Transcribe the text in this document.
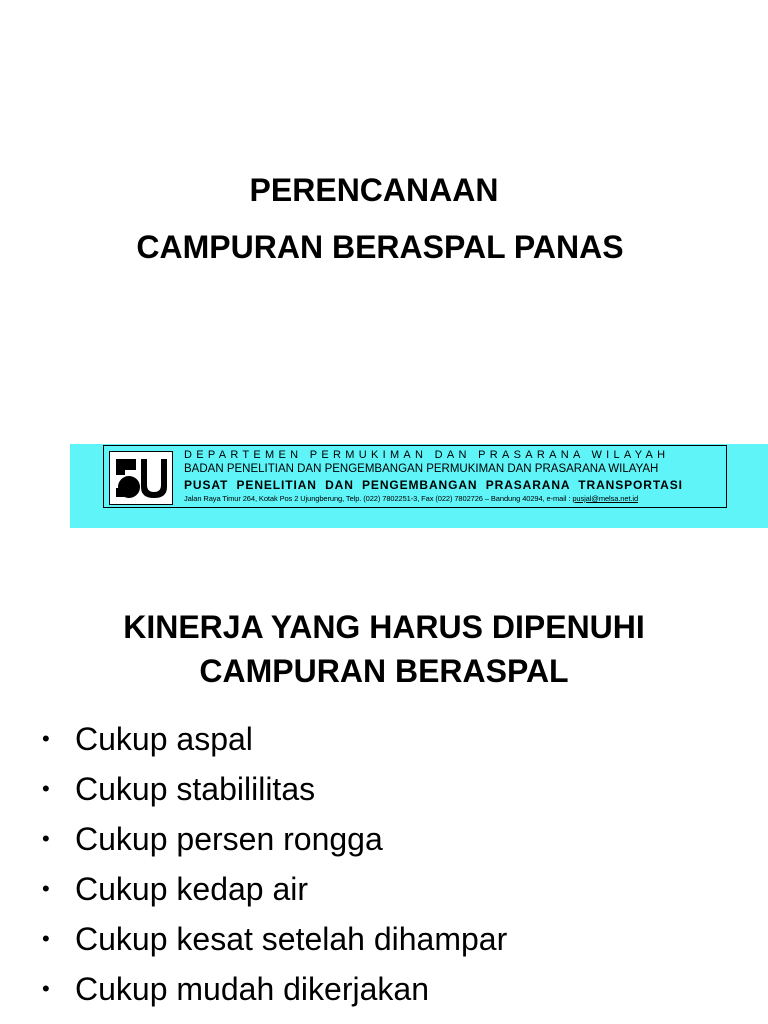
PERENCANAAN
CAMPURAN BERASPAL PANAS
DEPARTEMEN PERMUKIMAN DAN PRASARANA WILAYAH
BADAN PENELITIAN DAN PENGEMBANGAN PERMUKIMAN DAN PRASARANA WILAYAH
PUSAT PENELITIAN DAN PENGEMBANGAN PRASARANA TRANSPORTASI
Jalan Raya Timur 264, Kotak Pos 2 Ujungberung, Telp. (022) 7802251-3, Fax (022) 7802726 – Bandung 40294, e-mail : pusjal@melsa.net.id
KINERJA YANG HARUS DIPENUHI
CAMPURAN BERASPAL
• Cukup aspal
• Cukup stabililitas
• Cukup persen rongga
• Cukup kedap air
• Cukup kesat setelah dihampar
• Cukup mudah dikerjakan
